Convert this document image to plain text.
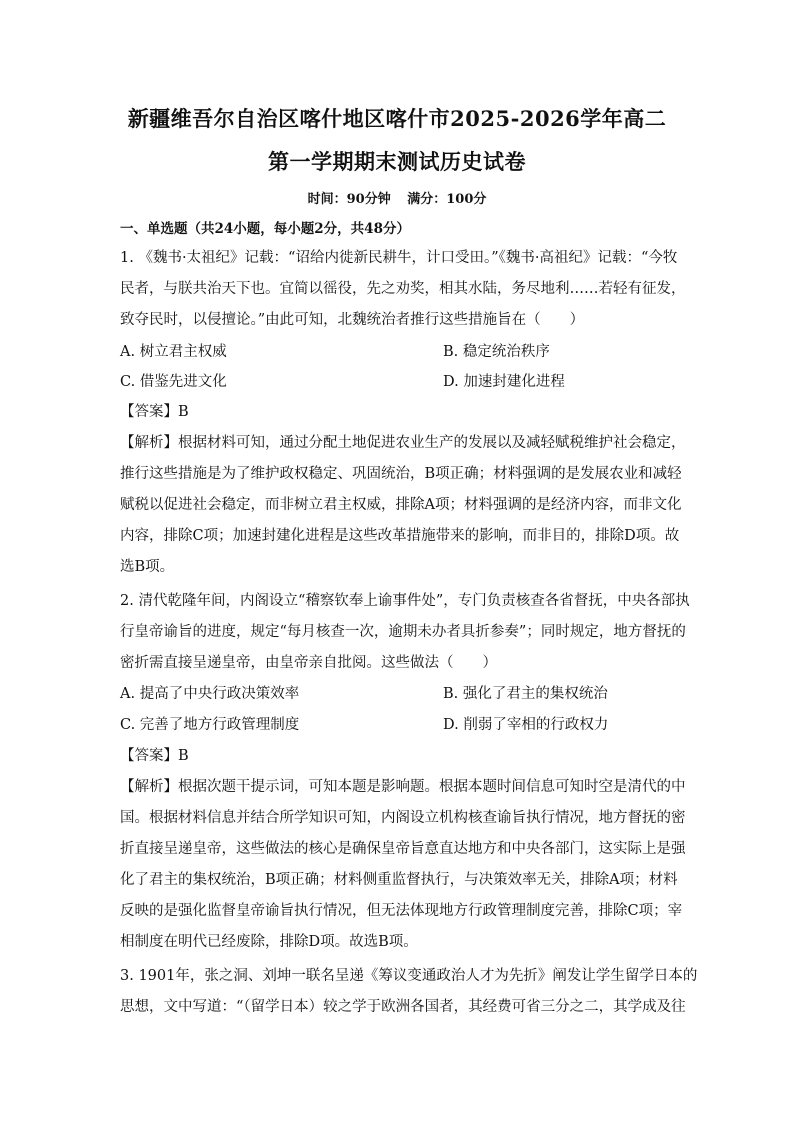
新疆维吾尔自治区喀什地区喀什市2025-2026学年高二
第一学期期末测试历史试卷
时间：90分钟 满分：100分
一、单选题（共24小题，每小题2分，共48分）
1. 《魏书·太祖纪》记载：“诏给内徙新民耕牛，计口受田。”《魏书·高祖纪》记载：“今牧
民者，与朕共治天下也。宜简以徭役，先之劝奖，相其水陆，务尽地利……若轻有征发，
致夺民时，以侵擅论。”由此可知，北魏统治者推行这些措施旨在（　　）
A. 树立君主权威	B. 稳定统治秩序
C. 借鉴先进文化	D. 加速封建化进程
【答案】B
【解析】根据材料可知，通过分配土地促进农业生产的发展以及减轻赋税维护社会稳定，
推行这些措施是为了维护政权稳定、巩固统治，B项正确；材料强调的是发展农业和减轻
赋税以促进社会稳定，而非树立君主权威，排除A项；材料强调的是经济内容，而非文化
内容，排除C项；加速封建化进程是这些改革措施带来的影响，而非目的，排除D项。故
选B项。
2. 清代乾隆年间，内阁设立“稽察钦奉上谕事件处”，专门负责核查各省督抚，中央各部执
行皇帝谕旨的进度，规定“每月核查一次，逾期未办者具折参奏”；同时规定，地方督抚的
密折需直接呈递皇帝，由皇帝亲自批阅。这些做法（　　）
A. 提高了中央行政决策效率	B. 强化了君主的集权统治
C. 完善了地方行政管理制度	D. 削弱了宰相的行政权力
【答案】B
【解析】根据次题干提示词，可知本题是影响题。根据本题时间信息可知时空是清代的中
国。根据材料信息并结合所学知识可知，内阁设立机构核查谕旨执行情况，地方督抚的密
折直接呈递皇帝，这些做法的核心是确保皇帝旨意直达地方和中央各部门，这实际上是强
化了君主的集权统治，B项正确；材料侧重监督执行，与决策效率无关，排除A项；材料
反映的是强化监督皇帝谕旨执行情况，但无法体现地方行政管理制度完善，排除C项；宰
相制度在明代已经废除，排除D项。故选B项。
3. 1901年，张之洞、刘坤一联名呈递《筹议变通政治人才为先折》阐发让学生留学日本的
思想，文中写道：“（留学日本）较之学于欧洲各国者，其经费可省三分之二，其学成及往
